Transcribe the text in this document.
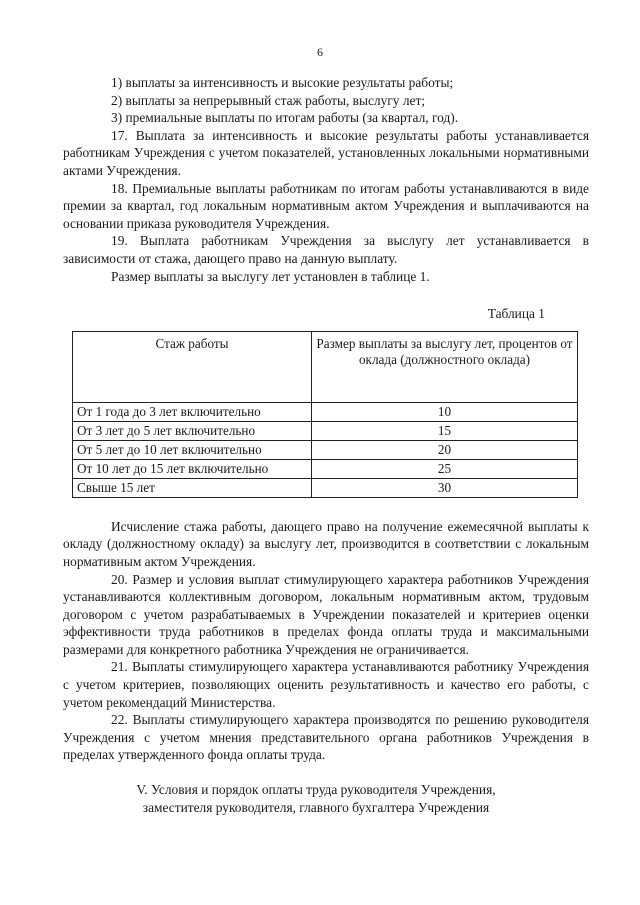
6

1) выплаты за интенсивность и высокие результаты работы;

2) выплаты за непрерывный стаж работы, выслугу лет;

3) премиальные выплаты по итогам работы (за квартал, год).

17. Выплата за интенсивность и высокие результаты работы устанавливается работникам Учреждения с учетом показателей, установленных локальными нормативными актами Учреждения.

18. Премиальные выплаты работникам по итогам работы устанавливаются в виде премии за квартал, год локальным нормативным актом Учреждения и выплачиваются на основании приказа руководителя Учреждения.

19. Выплата работникам Учреждения за выслугу лет устанавливается в зависимости от стажа, дающего право на данную выплату.

Размер выплаты за выслугу лет установлен в таблице 1.

Таблица 1
Стаж работы	Размер выплаты за выслугу лет, процентов от оклада (должностного оклада)
От 1 года до 3 лет включительно	10
От 3 лет до 5 лет включительно	15
От 5 лет до 10 лет включительно	20
От 10 лет до 15 лет включительно	25
Свыше 15 лет	30

Исчисление стажа работы, дающего право на получение ежемесячной выплаты к окладу (должностному окладу) за выслугу лет, производится в соответствии с локальным нормативным актом Учреждения.

20. Размер и условия выплат стимулирующего характера работников Учреждения устанавливаются коллективным договором, локальным нормативным актом, трудовым договором с учетом разрабатываемых в Учреждении показателей и критериев оценки эффективности труда работников в пределах фонда оплаты труда и максимальными размерами для конкретного работника Учреждения не ограничивается.

21. Выплаты стимулирующего характера устанавливаются работнику Учреждения с учетом критериев, позволяющих оценить результативность и качество его работы, с учетом рекомендаций Министерства.

22. Выплаты стимулирующего характера производятся по решению руководителя Учреждения с учетом мнения представительного органа работников Учреждения в пределах утвержденного фонда оплаты труда.

V. Условия и порядок оплаты труда руководителя Учреждения,
заместителя руководителя, главного бухгалтера Учреждения
